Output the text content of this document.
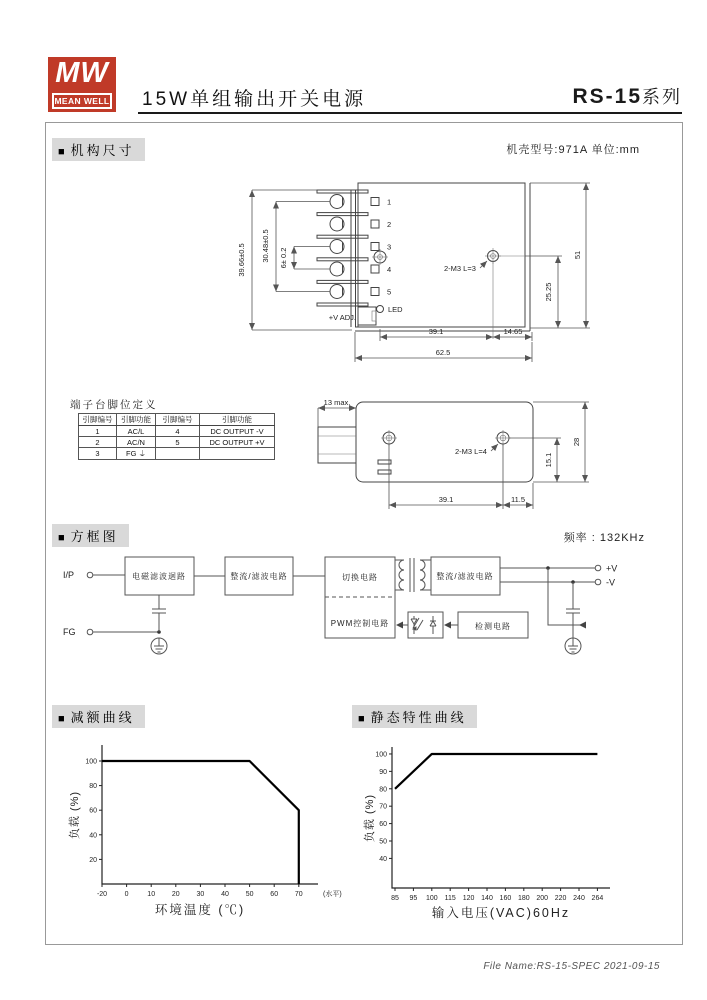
MW
MEAN WELL 15W单组输出开关电源	RS-15系列
■ 机构尺寸	机壳型号:971A 单位:mm
1
2
3
4
5
LED
+V ADJ.
2-M3 L=3
39.66±0.5 30.48±0.5 6± 0.2	51
25.25
39.1	14.65
62.5
端子台脚位定义
引脚编号	引脚功能	引脚编号	引脚功能
1	AC/L	4	DC OUTPUT -V
2	AC/N	5	DC OUTPUT +V
3	FG ⏚			2-M3 L=4
13 max.
28
15.1
39.1	11.5
■ 方框图	频率 : 132KHz
I/P	电磁滤波迴路	整流/滤波电路	切换电路
PWM控制电路
整流/滤波电路
+V
-V
检测电路
FG
■ 减额曲线	■ 静态特性曲线
20
40
60
80
100
-20	0	10 20 30 40 50 60 70	(水平)
环境温度 (℃)
负载 (%)
40
50
60
70
80
90
100
85 95 100 115 120 140 160 180 200 220 240 264
输入电压(VAC)60Hz
负载 (%)
File Name:RS-15-SPEC 2021-09-15
